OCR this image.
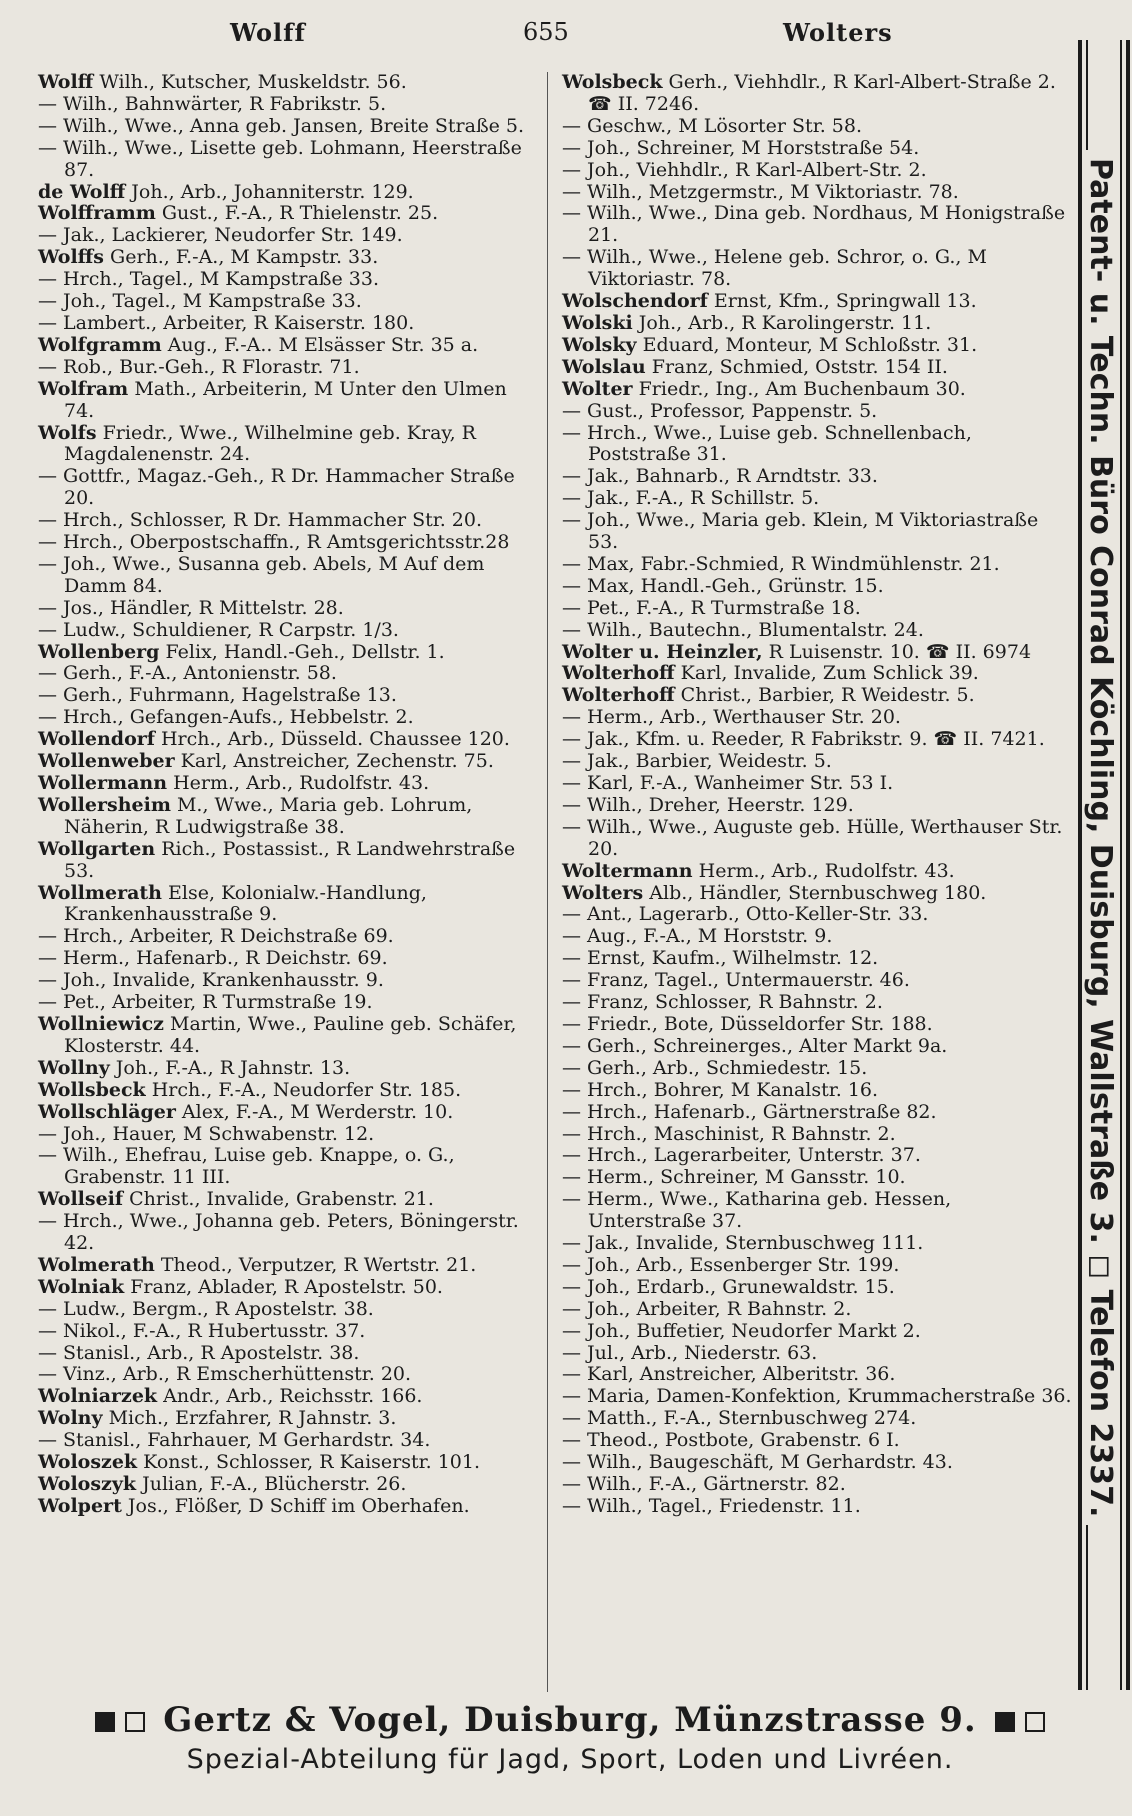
Wolff	655	Wolters
Wolff Wilh., Kutscher, Muskeldstr. 56.
— Wilh., Bahnwärter, R Fabrikstr. 5.
— Wilh., Wwe., Anna geb. Jansen, Breite Straße 5.
— Wilh., Wwe., Lisette geb. Lohmann, Heerstraße 87.
de Wolff Joh., Arb., Johanniterstr. 129.
Wolfframm Gust., F.-A., R Thielenstr. 25.
— Jak., Lackierer, Neudorfer Str. 149.
Wolffs Gerh., F.-A., M Kampstr. 33.
— Hrch., Tagel., M Kampstraße 33.
— Joh., Tagel., M Kampstraße 33.
— Lambert., Arbeiter, R Kaiserstr. 180.
Wolfgramm Aug., F.-A.. M Elsässer Str. 35 a.
— Rob., Bur.-Geh., R Florastr. 71.
Wolfram Math., Arbeiterin, M Unter den Ulmen 74.
Wolfs Friedr., Wwe., Wilhelmine geb. Kray, R Magdalenenstr. 24.
— Gottfr., Magaz.-Geh., R Dr. Hammacher Straße 20.
— Hrch., Schlosser, R Dr. Hammacher Str. 20.
— Hrch., Oberpostschaffn., R Amtsgerichtsstr.28
— Joh., Wwe., Susanna geb. Abels, M Auf dem Damm 84.
— Jos., Händler, R Mittelstr. 28.
— Ludw., Schuldiener, R Carpstr. 1/3.
Wollenberg Felix, Handl.-Geh., Dellstr. 1.
— Gerh., F.-A., Antonienstr. 58.
— Gerh., Fuhrmann, Hagelstraße 13.
— Hrch., Gefangen-Aufs., Hebbelstr. 2.
Wollendorf Hrch., Arb., Düsseld. Chaussee 120.
Wollenweber Karl, Anstreicher, Zechenstr. 75.
Wollermann Herm., Arb., Rudolfstr. 43.
Wollersheim M., Wwe., Maria geb. Lohrum, Näherin, R Ludwigstraße 38.
Wollgarten Rich., Postassist., R Landwehrstraße 53.
Wollmerath Else, Kolonialw.-Handlung, Krankenhausstraße 9.
— Hrch., Arbeiter, R Deichstraße 69.
— Herm., Hafenarb., R Deichstr. 69.
— Joh., Invalide, Krankenhausstr. 9.
— Pet., Arbeiter, R Turmstraße 19.
Wollniewicz Martin, Wwe., Pauline geb. Schäfer, Klosterstr. 44.
Wollny Joh., F.-A., R Jahnstr. 13.
Wollsbeck Hrch., F.-A., Neudorfer Str. 185.
Wollschläger Alex, F.-A., M Werderstr. 10.
— Joh., Hauer, M Schwabenstr. 12.
— Wilh., Ehefrau, Luise geb. Knappe, o. G., Grabenstr. 11 III.
Wollseif Christ., Invalide, Grabenstr. 21.
— Hrch., Wwe., Johanna geb. Peters, Böningerstr. 42.
Wolmerath Theod., Verputzer, R Wertstr. 21.
Wolniak Franz, Ablader, R Apostelstr. 50.
— Ludw., Bergm., R Apostelstr. 38.
— Nikol., F.-A., R Hubertusstr. 37.
— Stanisl., Arb., R Apostelstr. 38.
— Vinz., Arb., R Emscherhüttenstr. 20.
Wolniarzek Andr., Arb., Reichsstr. 166.
Wolny Mich., Erzfahrer, R Jahnstr. 3.
— Stanisl., Fahrhauer, M Gerhardstr. 34.
Woloszek Konst., Schlosser, R Kaiserstr. 101.
Woloszyk Julian, F.-A., Blücherstr. 26.
Wolpert Jos., Flößer, D Schiff im Oberhafen.
Wolsbeck Gerh., Viehhdlr., R Karl-Albert-Straße 2. ☎ II. 7246.
— Geschw., M Lösorter Str. 58.
— Joh., Schreiner, M Horststraße 54.
— Joh., Viehhdlr., R Karl-Albert-Str. 2.
— Wilh., Metzgermstr., M Viktoriastr. 78.
— Wilh., Wwe., Dina geb. Nordhaus, M Honigstraße 21.
— Wilh., Wwe., Helene geb. Schror, o. G., M Viktoriastr. 78.
Wolschendorf Ernst, Kfm., Springwall 13.
Wolski Joh., Arb., R Karolingerstr. 11.
Wolsky Eduard, Monteur, M Schloßstr. 31.
Wolslau Franz, Schmied, Oststr. 154 II.
Wolter Friedr., Ing., Am Buchenbaum 30.
— Gust., Professor, Pappenstr. 5.
— Hrch., Wwe., Luise geb. Schnellenbach, Poststraße 31.
— Jak., Bahnarb., R Arndtstr. 33.
— Jak., F.-A., R Schillstr. 5.
— Joh., Wwe., Maria geb. Klein, M Viktoriastraße 53.
— Max, Fabr.-Schmied, R Windmühlenstr. 21.
— Max, Handl.-Geh., Grünstr. 15.
— Pet., F.-A., R Turmstraße 18.
— Wilh., Bautechn., Blumentalstr. 24.
Wolter u. Heinzler, R Luisenstr. 10. ☎ II. 6974
Wolterhoff Karl, Invalide, Zum Schlick 39.
Wolterhoff Christ., Barbier, R Weidestr. 5.
— Herm., Arb., Werthauser Str. 20.
— Jak., Kfm. u. Reeder, R Fabrikstr. 9. ☎ II. 7421.
— Jak., Barbier, Weidestr. 5.
— Karl, F.-A., Wanheimer Str. 53 I.
— Wilh., Dreher, Heerstr. 129.
— Wilh., Wwe., Auguste geb. Hülle, Werthauser Str. 20.
Woltermann Herm., Arb., Rudolfstr. 43.
Wolters Alb., Händler, Sternbuschweg 180.
— Ant., Lagerarb., Otto-Keller-Str. 33.
— Aug., F.-A., M Horststr. 9.
— Ernst, Kaufm., Wilhelmstr. 12.
— Franz, Tagel., Untermauerstr. 46.
— Franz, Schlosser, R Bahnstr. 2.
— Friedr., Bote, Düsseldorfer Str. 188.
— Gerh., Schreinerges., Alter Markt 9a.
— Gerh., Arb., Schmiedestr. 15.
— Hrch., Bohrer, M Kanalstr. 16.
— Hrch., Hafenarb., Gärtnerstraße 82.
— Hrch., Maschinist, R Bahnstr. 2.
— Hrch., Lagerarbeiter, Unterstr. 37.
— Herm., Schreiner, M Gansstr. 10.
— Herm., Wwe., Katharina geb. Hessen, Unterstraße 37.
— Jak., Invalide, Sternbuschweg 111.
— Joh., Arb., Essenberger Str. 199.
— Joh., Erdarb., Grunewaldstr. 15.
— Joh., Arbeiter, R Bahnstr. 2.
— Joh., Buffetier, Neudorfer Markt 2.
— Jul., Arb., Niederstr. 63.
— Karl, Anstreicher, Alberitstr. 36.
— Maria, Damen-Konfektion, Krummacherstraße 36.
— Matth., F.-A., Sternbuschweg 274.
— Theod., Postbote, Grabenstr. 6 I.
— Wilh., Baugeschäft, M Gerhardstr. 43.
— Wilh., F.-A., Gärtnerstr. 82.
— Wilh., Tagel., Friedenstr. 11.	Patent- u. Techn. Büro Conrad Köchling, Duisburg, Wallstraße 3. ◻ Telefon 2337.
Gertz & Vogel, Duisburg, Münzstrasse 9.
Spezial-Abteilung für Jagd, Sport, Loden und Livréen.
